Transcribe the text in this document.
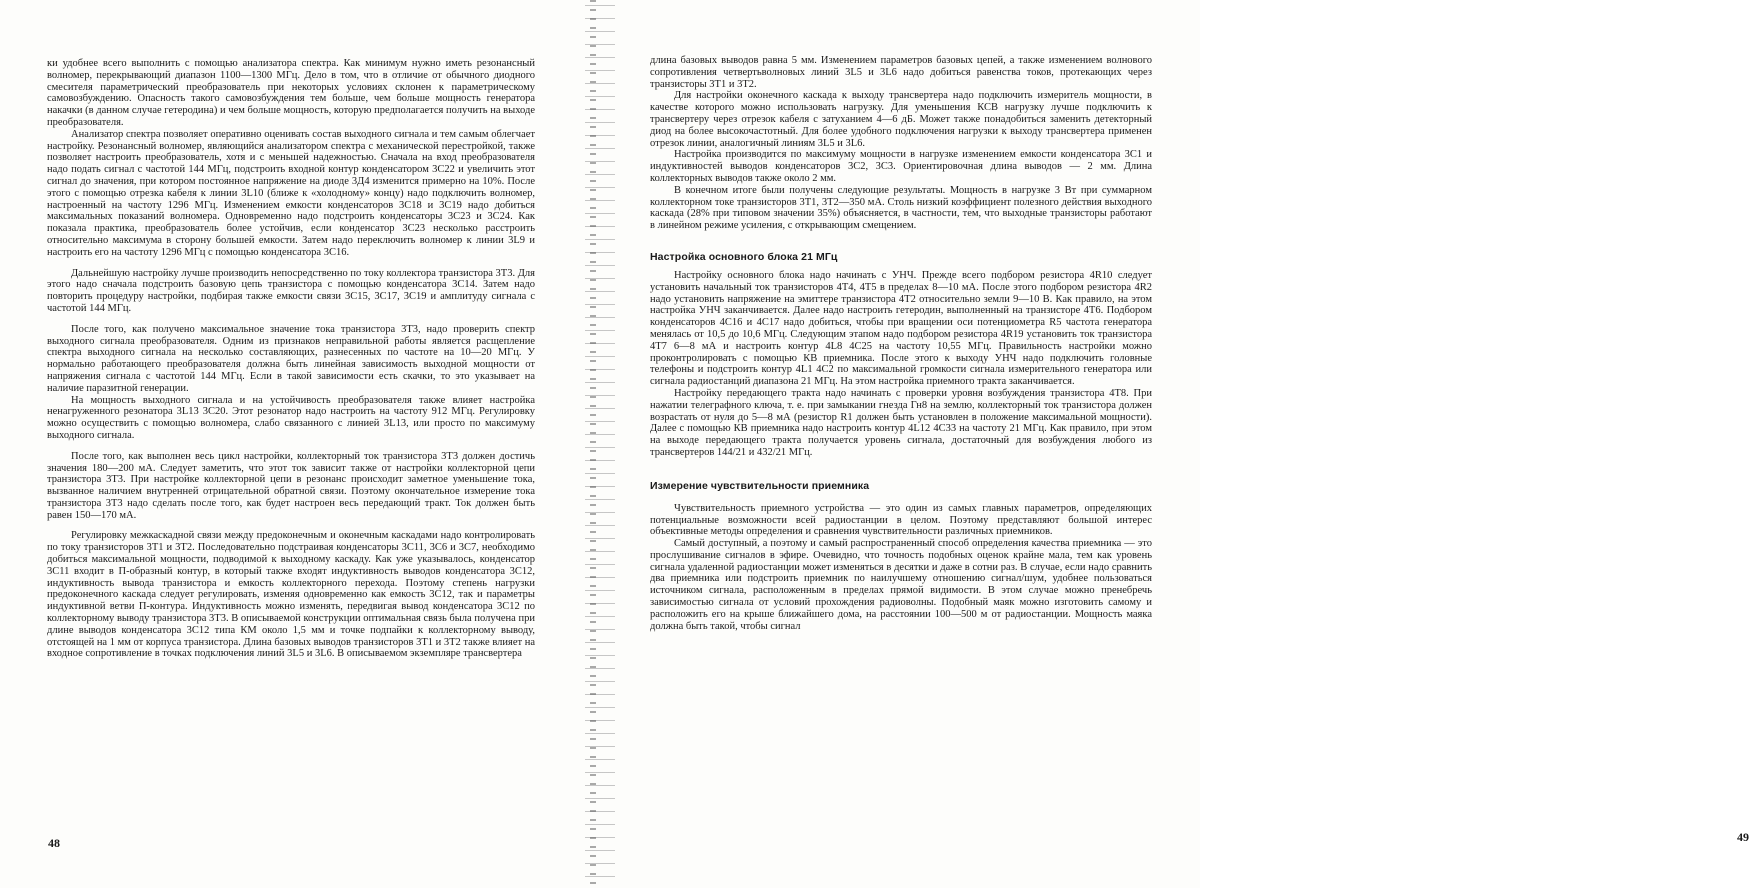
ки удобнее всего выполнить с помощью анализатора спектра. Как минимум нужно иметь резонансный волномер, перекрывающий диапазон 1100—1300 МГц. Дело в том, что в отличие от обычного диодного смесителя параметрический преобразователь при некоторых условиях склонен к параметрическому самовозбуждению. Опасность такого самовозбуждения тем больше, чем больше мощность генератора накачки (в данном случае гетеродина) и чем больше мощность, которую предполагается получить на выходе преобразователя.

Анализатор спектра позволяет оперативно оценивать состав выходного сигнала и тем самым облегчает настройку. Резонансный волномер, являющийся анализатором спектра с механической перестройкой, также позволяет настроить преобразователь, хотя и с меньшей надежностью. Сначала на вход преобразователя надо подать сигнал с частотой 144 МГц, подстроить входной контур конденсатором 3С22 и увеличить этот сигнал до значения, при котором постоянное напряжение на диоде 3Д4 изменится примерно на 10%. После этого с помощью отрезка кабеля к линии 3L10 (ближе к «холодному» концу) надо подключить волномер, настроенный на частоту 1296 МГц. Изменением емкости конденсаторов 3С18 и 3С19 надо добиться максимальных показаний волномера. Одновременно надо подстроить конденсаторы 3С23 и 3С24. Как показала практика, преобразователь более устойчив, если конденсатор 3С23 несколько расстроить относительно максимума в сторону большей емкости. Затем надо переключить волномер к линии 3L9 и настроить его на частоту 1296 МГц с помощью конденсатора 3С16.

Дальнейшую настройку лучше производить непосредственно по току коллектора транзистора 3Т3. Для этого надо сначала подстроить базовую цепь транзистора с помощью конденсатора 3С14. Затем надо повторить процедуру настройки, подбирая также емкости связи 3С15, 3С17, 3С19 и амплитуду сигнала с частотой 144 МГц.

После того, как получено максимальное значение тока транзистора 3Т3, надо проверить спектр выходного сигнала преобразователя. Одним из признаков неправильной работы является расщепление спектра выходного сигнала на несколько составляющих, разнесенных по частоте на 10—20 МГц. У нормально работающего преобразователя должна быть линейная зависимость выходной мощности от напряжения сигнала с частотой 144 МГц. Если в такой зависимости есть скачки, то это указывает на наличие паразитной генерации.

На мощность выходного сигнала и на устойчивость преобразователя также влияет настройка ненагруженного резонатора 3L13 3С20. Этот резонатор надо настроить на частоту 912 МГц. Регулировку можно осуществить с помощью волномера, слабо связанного с линией 3L13, или просто по максимуму выходного сигнала.

После того, как выполнен весь цикл настройки, коллекторный ток транзистора 3Т3 должен достичь значения 180—200 мА. Следует заметить, что этот ток зависит также от настройки коллекторной цепи транзистора 3Т3. При настройке коллекторной цепи в резонанс происходит заметное уменьшение тока, вызванное наличием внутренней отрицательной обратной связи. Поэтому окончательное измерение тока транзистора 3Т3 надо сделать после того, как будет настроен весь передающий тракт. Ток должен быть равен 150—170 мА.

Регулировку межкаскадной связи между предоконечным и оконечным каскадами надо контролировать по току транзисторов 3Т1 и 3Т2. Последовательно подстраивая конденсаторы 3С11, 3С6 и 3С7, необходимо добиться максимальной мощности, подводимой к выходному каскаду. Как уже указывалось, конденсатор 3С11 входит в П-образный контур, в который также входят индуктивность выводов конденсатора 3С12, индуктивность вывода транзистора и емкость коллекторного перехода. Поэтому степень нагрузки предоконечного каскада следует регулировать, изменяя одновременно как емкость 3С12, так и параметры индуктивной ветви П-контура. Индуктивность можно изменять, передвигая вывод конденсатора 3С12 по коллекторному выводу транзистора 3Т3. В описываемой конструкции оптимальная связь была получена при длине выводов конденсатора 3С12 типа КМ около 1,5 мм и точке подпайки к коллекторному выводу, отстоящей на 1 мм от корпуса транзистора. Длина базовых выводов транзисторов 3Т1 и 3Т2 также влияет на входное сопротивление в точках подключения линий 3L5 и 3L6. В описываемом экземпляре трансвертера

48

длина базовых выводов равна 5 мм. Изменением параметров базовых цепей, а также изменением волнового сопротивления четвертьволновых линий 3L5 и 3L6 надо добиться равенства токов, протекающих через транзисторы 3Т1 и 3Т2.

Для настройки оконечного каскада к выходу трансвертера надо подключить измеритель мощности, в качестве которого можно использовать нагрузку. Для уменьшения КСВ нагрузку лучше подключить к трансвертеру через отрезок кабеля с затуханием 4—6 дБ. Может также понадобиться заменить детекторный диод на более высокочастотный. Для более удобного подключения нагрузки к выходу трансвертера применен отрезок линии, аналогичный линиям 3L5 и 3L6.

Настройка производится по максимуму мощности в нагрузке изменением емкости конденсатора 3С1 и индуктивностей выводов конденсаторов 3С2, 3С3. Ориентировочная длина выводов — 2 мм. Длина коллекторных выводов также около 2 мм.

В конечном итоге были получены следующие результаты. Мощность в нагрузке 3 Вт при суммарном коллекторном токе транзисторов 3Т1, 3Т2—350 мА. Столь низкий коэффициент полезного действия выходного каскада (28% при типовом значении 35%) объясняется, в частности, тем, что выходные транзисторы работают в линейном режиме усиления, с открывающим смещением.

Настройка основного блока 21 МГц

Настройку основного блока надо начинать с УНЧ. Прежде всего подбором резистора 4R10 следует установить начальный ток транзисторов 4Т4, 4Т5 в пределах 8—10 мА. После этого подбором резистора 4R2 надо установить напряжение на эмиттере транзистора 4Т2 относительно земли 9—10 В. Как правило, на этом настройка УНЧ заканчивается. Далее надо настроить гетеродин, выполненный на транзисторе 4Т6. Подбором конденсаторов 4С16 и 4С17 надо добиться, чтобы при вращении оси потенциометра R5 частота генератора менялась от 10,5 до 10,6 МГц. Следующим этапом надо подбором резистора 4R19 установить ток транзистора 4Т7 6—8 мА и настроить контур 4L8 4С25 на частоту 10,55 МГц. Правильность настройки можно проконтролировать с помощью КВ приемника. После этого к выходу УНЧ надо подключить головные телефоны и подстроить контур 4L1 4С2 по максимальной громкости сигнала измерительного генератора или сигнала радиостанций диапазона 21 МГц. На этом настройка приемного тракта заканчивается.

Настройку передающего тракта надо начинать с проверки уровня возбуждения транзистора 4Т8. При нажатии телеграфного ключа, т. е. при замыкании гнезда Гн8 на землю, коллекторный ток транзистора должен возрастать от нуля до 5—8 мА (резистор R1 должен быть установлен в положение максимальной мощности). Далее с помощью КВ приемника надо настроить контур 4L12 4С33 на частоту 21 МГц. Как правило, при этом на выходе передающего тракта получается уровень сигнала, достаточный для возбуждения любого из трансвертеров 144/21 и 432/21 МГц.

Измерение чувствительности приемника

Чувствительность приемного устройства — это один из самых главных параметров, определяющих потенциальные возможности всей радиостанции в целом. Поэтому представляют большой интерес объективные методы определения и сравнения чувствительности различных приемников.

Самый доступный, а поэтому и самый распространенный способ определения качества приемника — это прослушивание сигналов в эфире. Очевидно, что точность подобных оценок крайне мала, тем как уровень сигнала удаленной радиостанции может изменяться в десятки и даже в сотни раз. В случае, если надо сравнить два приемника или подстроить приемник по наилучшему отношению сигнал/шум, удобнее пользоваться источником сигнала, расположенным в пределах прямой видимости. В этом случае можно пренебречь зависимостью сигнала от условий прохождения радиоволны. Подобный маяк можно изготовить самому и расположить его на крыше ближайшего дома, на расстоянии 100—500 м от радиостанции. Мощность маяка должна быть такой, чтобы сигнал

49
